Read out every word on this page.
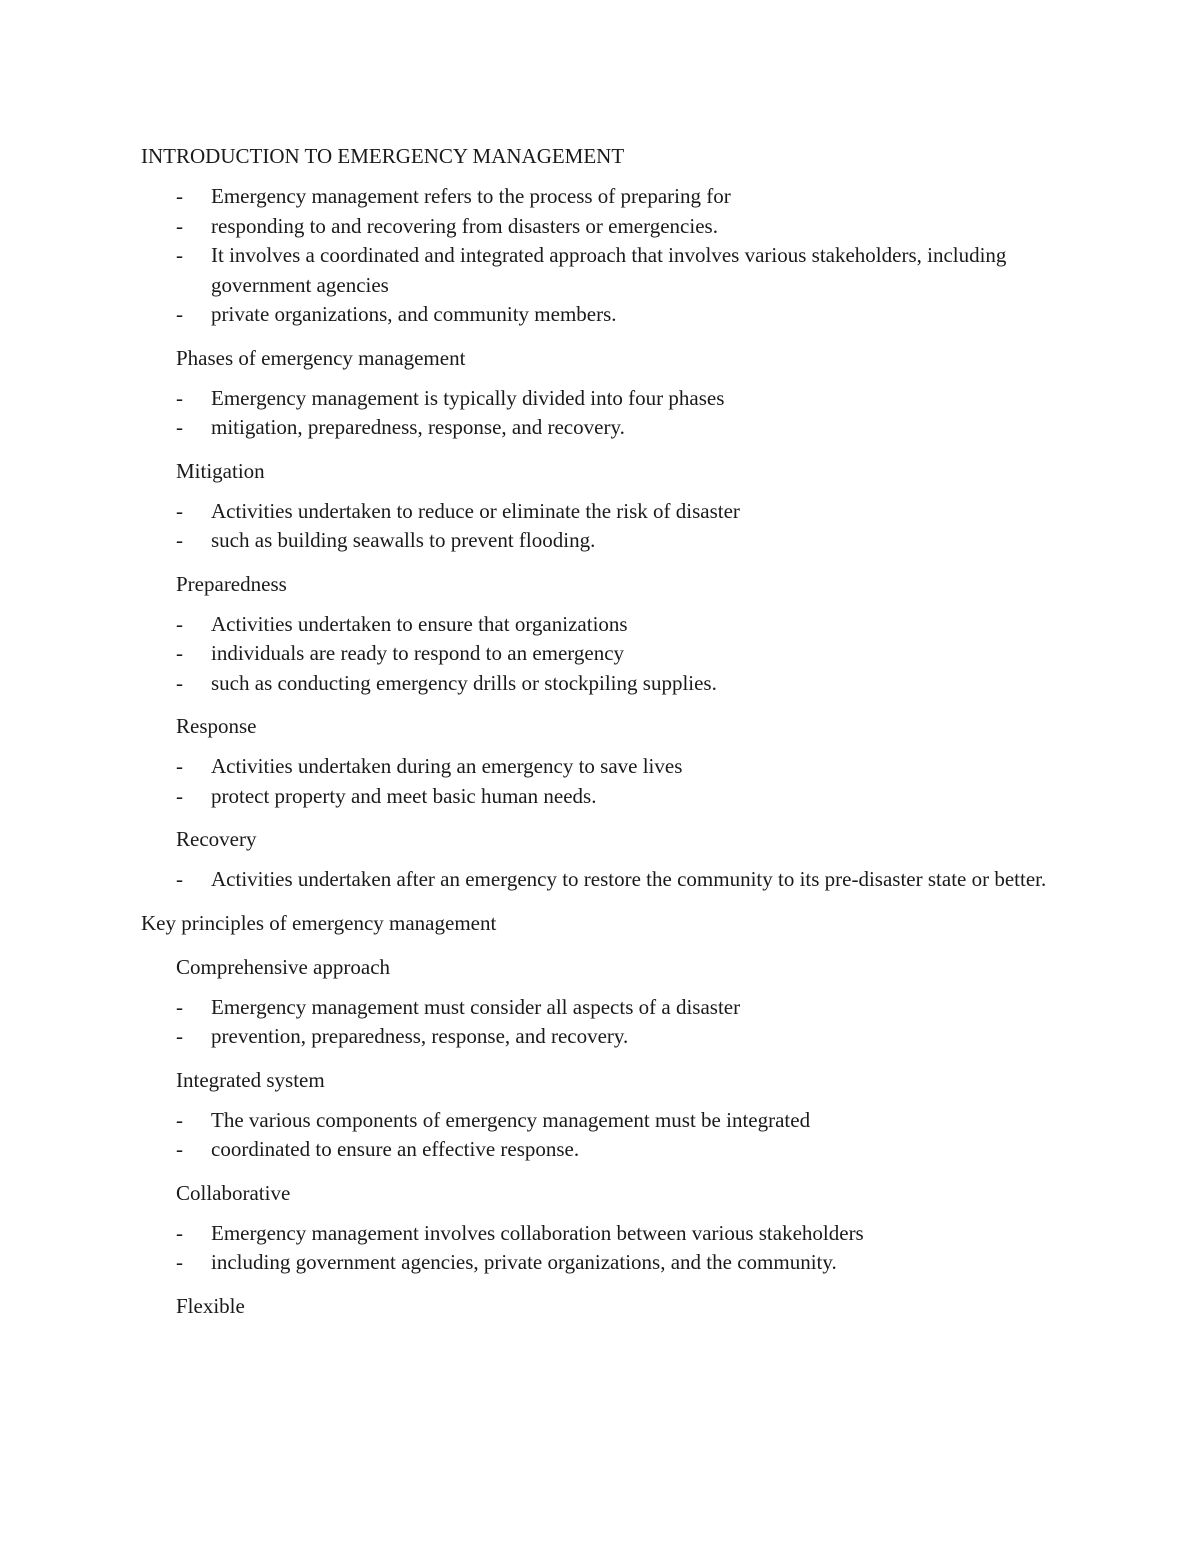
INTRODUCTION TO EMERGENCY MANAGEMENT
- Emergency management refers to the process of preparing for
- responding to and recovering from disasters or emergencies.
- It involves a coordinated and integrated approach that involves various stakeholders, including government agencies
- private organizations, and community members.
Phases of emergency management
- Emergency management is typically divided into four phases
- mitigation, preparedness, response, and recovery.
Mitigation
- Activities undertaken to reduce or eliminate the risk of disaster
- such as building seawalls to prevent flooding.
Preparedness
- Activities undertaken to ensure that organizations
- individuals are ready to respond to an emergency
- such as conducting emergency drills or stockpiling supplies.
Response
- Activities undertaken during an emergency to save lives
- protect property and meet basic human needs.
Recovery
- Activities undertaken after an emergency to restore the community to its pre-disaster state or better.
Key principles of emergency management
Comprehensive approach
- Emergency management must consider all aspects of a disaster
- prevention, preparedness, response, and recovery.
Integrated system
- The various components of emergency management must be integrated
- coordinated to ensure an effective response.
Collaborative
- Emergency management involves collaboration between various stakeholders
- including government agencies, private organizations, and the community.
Flexible
